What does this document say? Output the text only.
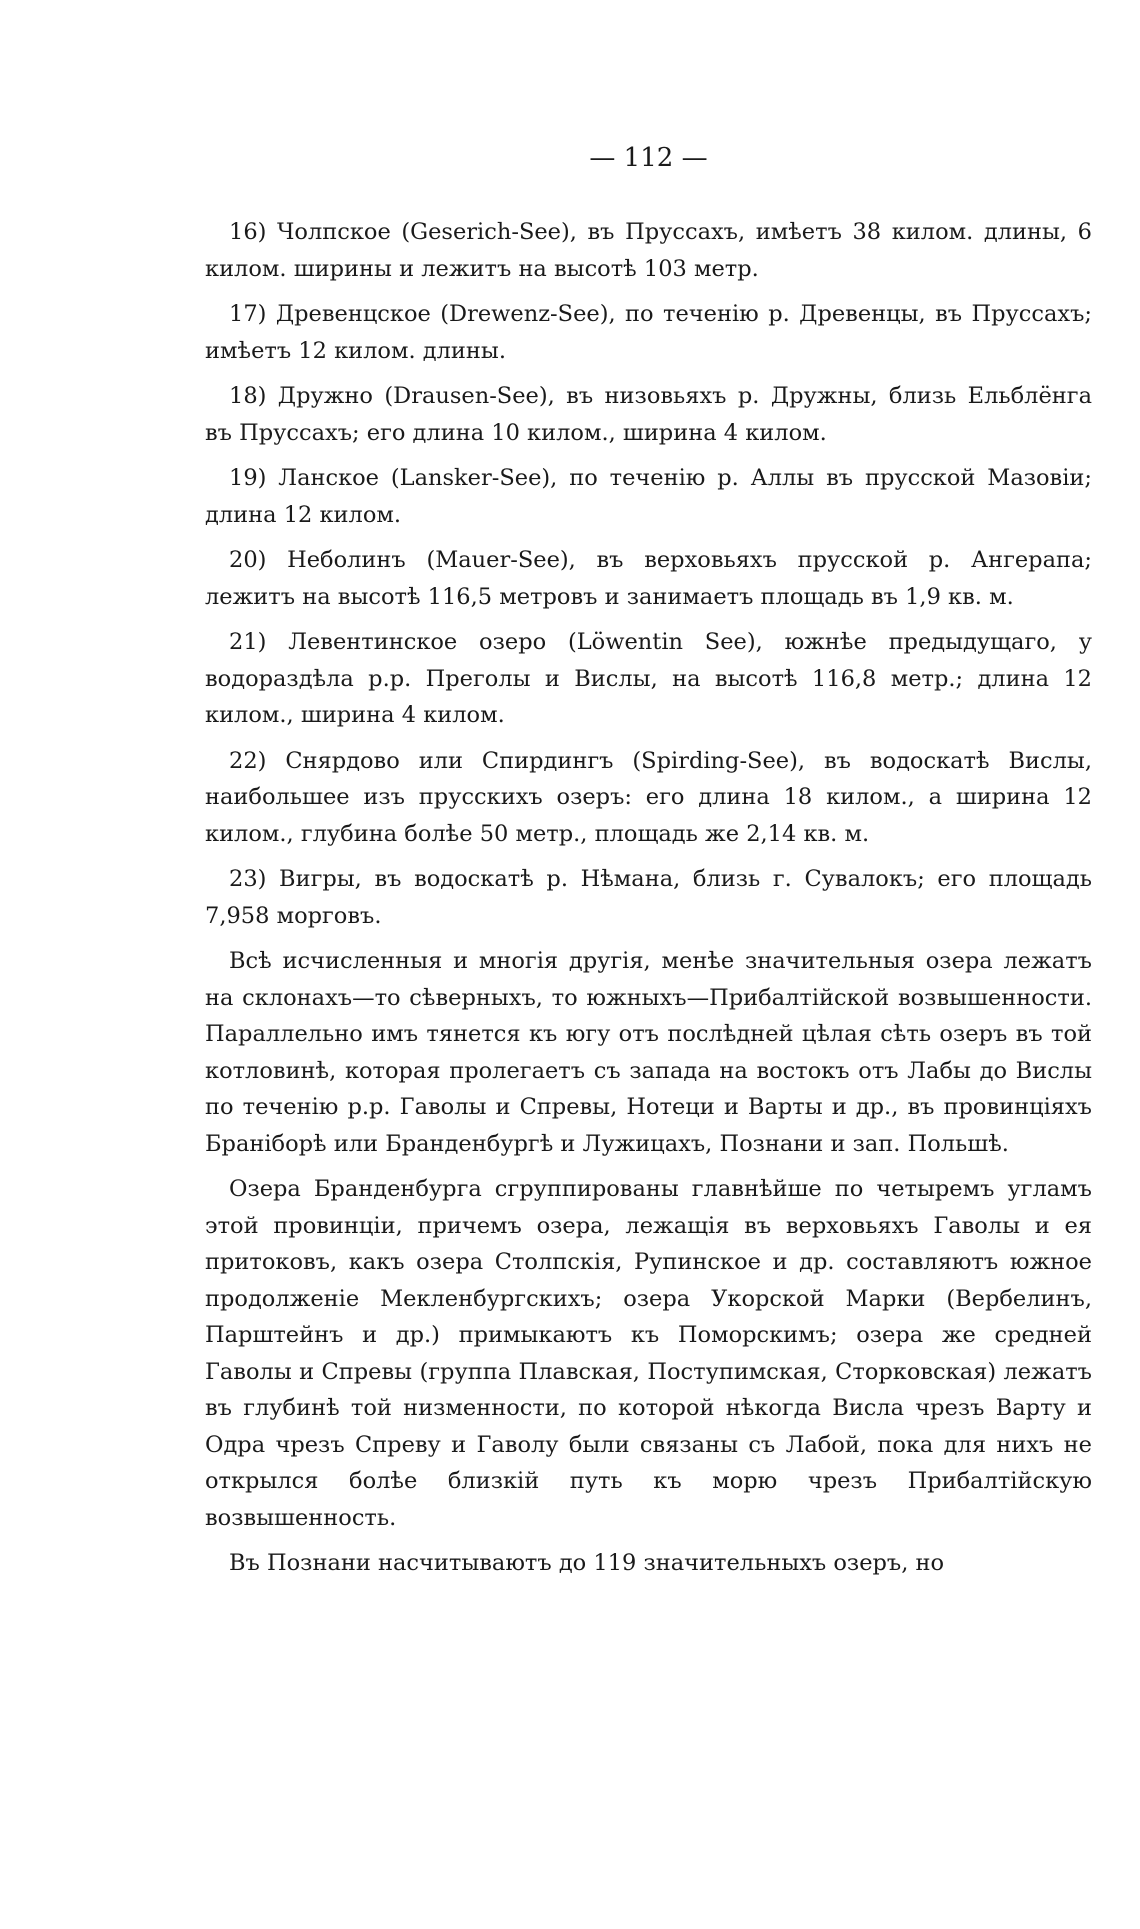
— 112 —

16) Чолпское (Geserich-See), въ Пруссахъ, имѣетъ 38 килом. длины, 6 килом. ширины и лежитъ на высотѣ 103 метр.

17) Древенцское (Drewenz-See), по теченію р. Древенцы, въ Пруссахъ; имѣетъ 12 килом. длины.

18) Дружно (Drausen-See), въ низовьяхъ р. Дружны, близь Ельблёнга въ Пруссахъ; его длина 10 килом., ширина 4 килом.

19) Ланское (Lansker-See), по теченію р. Аллы въ прусской Мазовіи; длина 12 килом.

20) Неболинъ (Mauer-See), въ верховьяхъ прусской р. Ангерапа; лежитъ на высотѣ 116,5 метровъ и занимаетъ площадь въ 1,9 кв. м.

21) Левентинское озеро (Löwentin See), южнѣе предыдущаго, у водораздѣла р.р. Преголы и Вислы, на высотѣ 116,8 метр.; длина 12 килом., ширина 4 килом.

22) Снярдово или Спирдингъ (Spirding-See), въ водоскатѣ Вислы, наибольшее изъ прусскихъ озеръ: его длина 18 килом., а ширина 12 килом., глубина болѣе 50 метр., площадь же 2,14 кв. м.

23) Вигры, въ водоскатѣ р. Нѣмана, близь г. Сувалокъ; его площадь 7,958 морговъ.

Всѣ исчисленныя и многія другія, менѣе значительныя озера лежатъ на склонахъ—то сѣверныхъ, то южныхъ—Прибалтійской возвышенности. Параллельно имъ тянется къ югу отъ послѣдней цѣлая сѣть озеръ въ той котловинѣ, которая пролегаетъ съ запада на востокъ отъ Лабы до Вислы по теченію р.р. Гаволы и Спревы, Нотеци и Варты и др., въ провинціяхъ Бранiборѣ или Бранденбургѣ и Лужицахъ, Познани и зап. Польшѣ.

Озера Бранденбурга сгруппированы главнѣйше по четыремъ угламъ этой провинціи, причемъ озера, лежащія въ верховьяхъ Гаволы и ея притоковъ, какъ озера Столпскія, Рупинское и др. составляютъ южное продолженіе Мекленбургскихъ; озера Укорской Марки (Вербелинъ, Парштейнъ и др.) примыкаютъ къ Поморскимъ; озера же средней Гаволы и Спревы (группа Плавская, Поступимская, Сторковская) лежатъ въ глубинѣ той низменности, по которой нѣкогда Висла чрезъ Варту и Одра чрезъ Спреву и Гаволу были связаны съ Лабой, пока для нихъ не открылся болѣе близкій путь къ морю чрезъ Прибалтійскую возвышенность.

Въ Познани насчитываютъ до 119 значительныхъ озеръ, но
